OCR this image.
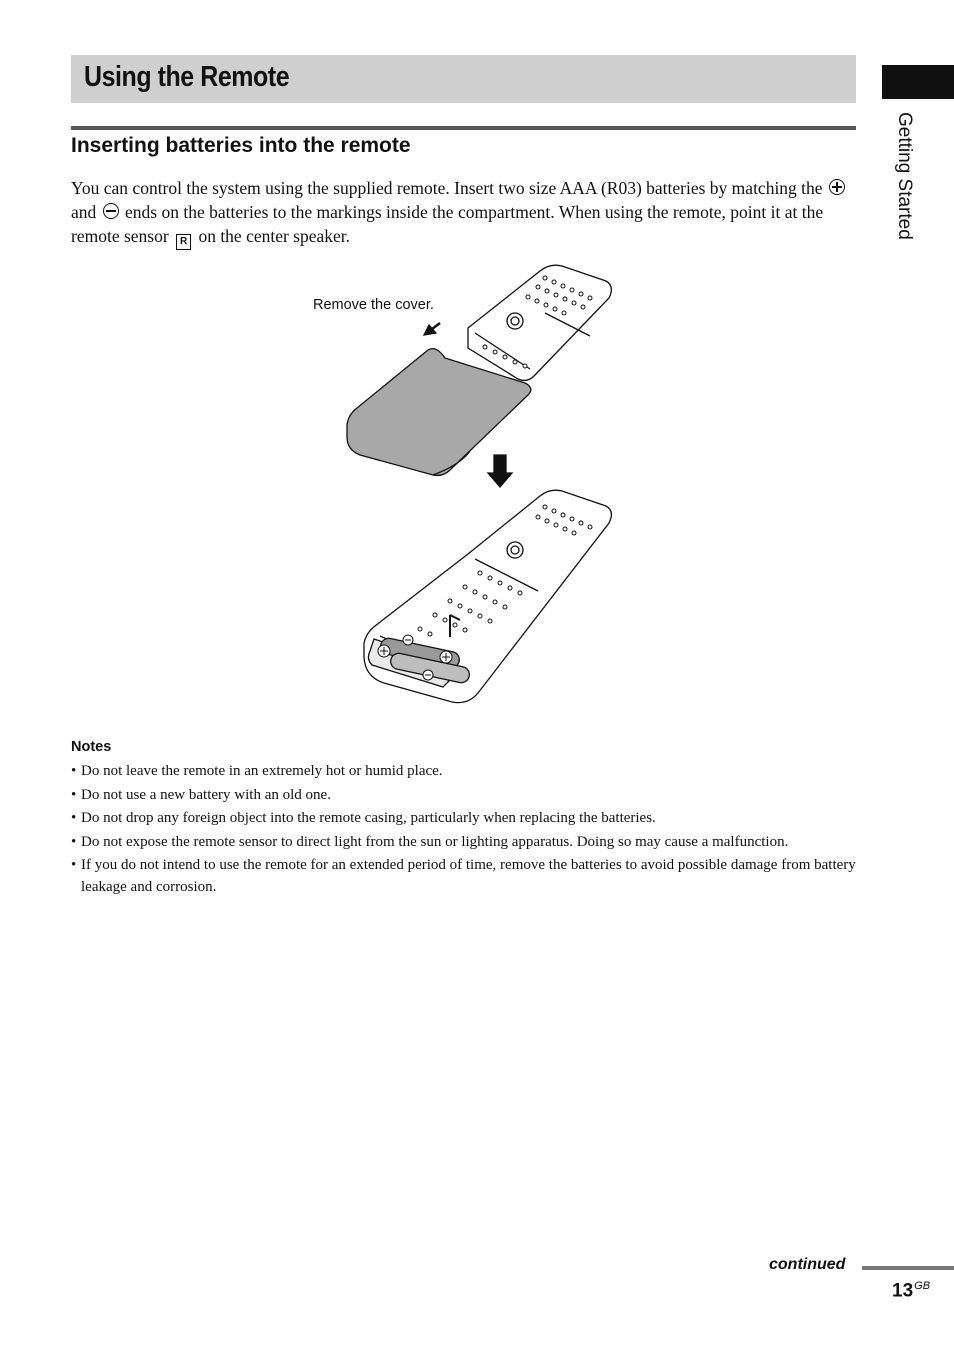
Using the Remote
Getting Started
Inserting batteries into the remote
You can control the system using the supplied remote. Insert two size AAA (R03) batteries by matching the  and  ends on the batteries to the markings inside the compartment. When using the remote, point it at the remote sensor R on the center speaker.
Remove the cover.
Notes
• Do not leave the remote in an extremely hot or humid place.
• Do not use a new battery with an old one.
• Do not drop any foreign object into the remote casing, particularly when replacing the batteries.
• Do not expose the remote sensor to direct light from the sun or lighting apparatus. Doing so may cause a malfunction.
• If you do not intend to use the remote for an extended period of time, remove the batteries to avoid possible damage from battery leakage and corrosion.
continued
$13^{GB}$
